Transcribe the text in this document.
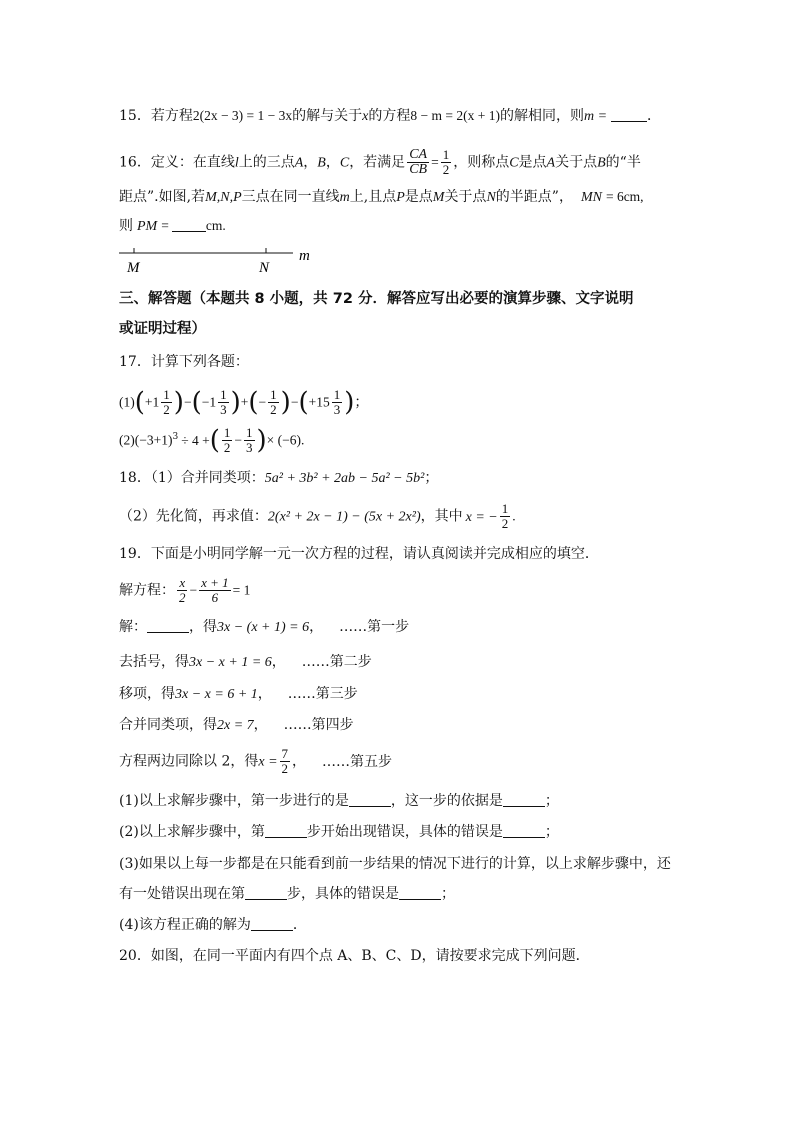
15．若方程2(2x − 3) = 1 − 3x的解与关于x的方程8 − m = 2(x + 1)的解相同，则m =	．
16．定义：在直线l上的三点A，B，C，若满足 $\frac{CA}{CB} = \frac{1}{2}$ ，则称点C是点A关于点B的“半
距点”.如图,若M,N,P三点在同一直线m上,且点P是点M关于点N的半距点”， MN = 6cm,
则 PM =	cm.
M	N
m
三、解答题（本题共 8 小题，共 72 分．解答应写出必要的演算步骤、文字说明
或证明过程）
17．计算下列各题：
$(1)(+1 \frac{1}{2} )-(-1 \frac{1}{3}$ )+(− $\frac{1}{2} )-(+15 \frac{1}{3}$ )；
$(2)(-3+1)^3 \div 4$ +( $\frac{1}{2} - \frac{1}{3}$ )× (−6).
18．（1）合并同类项：5a² + 3b² + 2ab − 5a² − 5b²；
（2）先化简，再求值：2(x² + 2x − 1) − (5x + 2x²)，其中 x = − $\frac{1}{2}$ .
19．下面是小明同学解一元一次方程的过程，请认真阅读并完成相应的填空．
解方程： $\frac{x}{2} - \frac{x + 1}{6} = 1$
解：	，得3x − (x + 1) = 6， ……第一步
去括号，得3x − x + 1 = 6， ……第二步
移项，得3x − x = 6 + 1， ……第三步
合并同类项，得2x = 7， ……第四步
方程两边同除以 2，得$x = \frac{7}{2}$ ， ……第五步
(1)以上求解步骤中，第一步进行的是	，这一步的依据是	；
(2)以上求解步骤中，第	步开始出现错误，具体的错误是	；
(3)如果以上每一步都是在只能看到前一步结果的情况下进行的计算，以上求解步骤中，还
有一处错误出现在第	步，具体的错误是	；
(4)该方程正确的解为	．
20．如图，在同一平面内有四个点 A、B、C、D，请按要求完成下列问题．
